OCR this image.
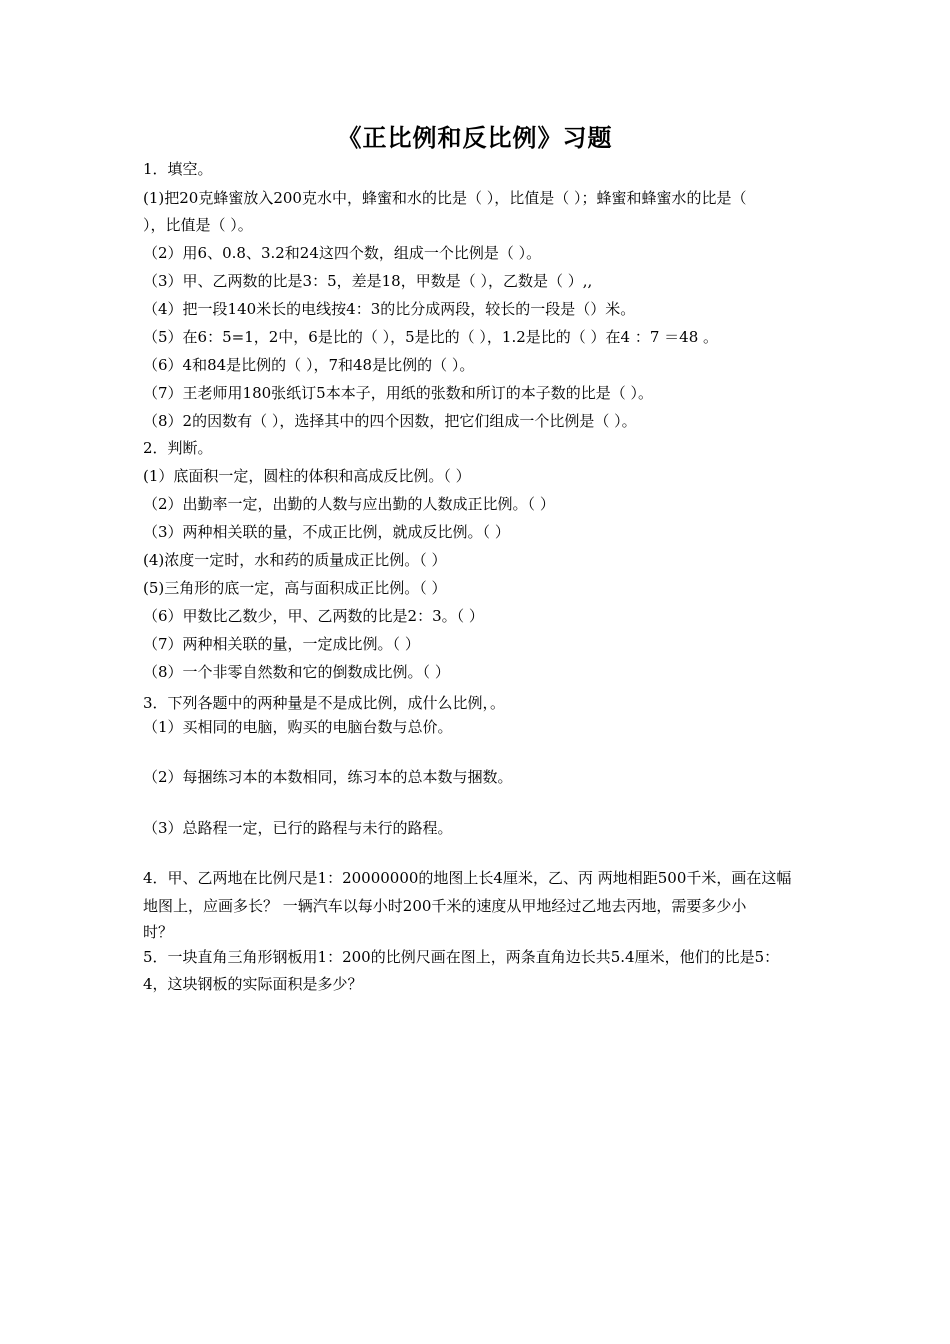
《正比例和反比例》习题
1．填空。
(1)把20克蜂蜜放入200克水中，蜂蜜和水的比是（ ），比值是（ ）；蜂蜜和蜂蜜水的比是（
），比值是（ ）。
（2）用6、0.8、3.2和24这四个数，组成一个比例是（ ）。
（3）甲、乙两数的比是3：5，差是18，甲数是（ ），乙数是（ ）,,
（4）把一段140米长的电线按4：3的比分成两段，较长的一段是（）米。
（5）在6：5=1，2中，6是比的（ ），5是比的（ ），1.2是比的（ ）在4 ：7 ＝48 。
（6）4和84是比例的（ ），7和48是比例的（ ）。
（7）王老师用180张纸订5本本子，用纸的张数和所订的本子数的比是（ ）。
（8）2的因数有（ ），选择其中的四个因数，把它们组成一个比例是（ ）。
2．判断。
(1）底面积一定，圆柱的体积和高成反比例。（ ）
（2）出勤率一定，出勤的人数与应出勤的人数成正比例。（ ）
（3）两种相关联的量，不成正比例，就成反比例。（ ）
(4)浓度一定时，水和药的质量成正比例。（ ）
(5)三角形的底一定，高与面积成正比例。（ ）
（6）甲数比乙数少，甲、乙两数的比是2：3。（ ）
（7）两种相关联的量，一定成比例。（ ）
（8）一个非零自然数和它的倒数成比例。（ ）
3．下列各题中的两种量是不是成比例，成什么比例，。
（1）买相同的电脑，购买的电脑台数与总价。
（2）每捆练习本的本数相同，练习本的总本数与捆数。
（3）总路程一定，已行的路程与未行的路程。
4．甲、乙两地在比例尺是1：20000000的地图上长4厘米，乙、丙 两地相距500千米，画在这幅
地图上，应画多长？ 一辆汽车以每小时200千米的速度从甲地经过乙地去丙地，需要多少小
时？
5．一块直角三角形钢板用1：200的比例尺画在图上，两条直角边长共5.4厘米，他们的比是5：
4，这块钢板的实际面积是多少？
